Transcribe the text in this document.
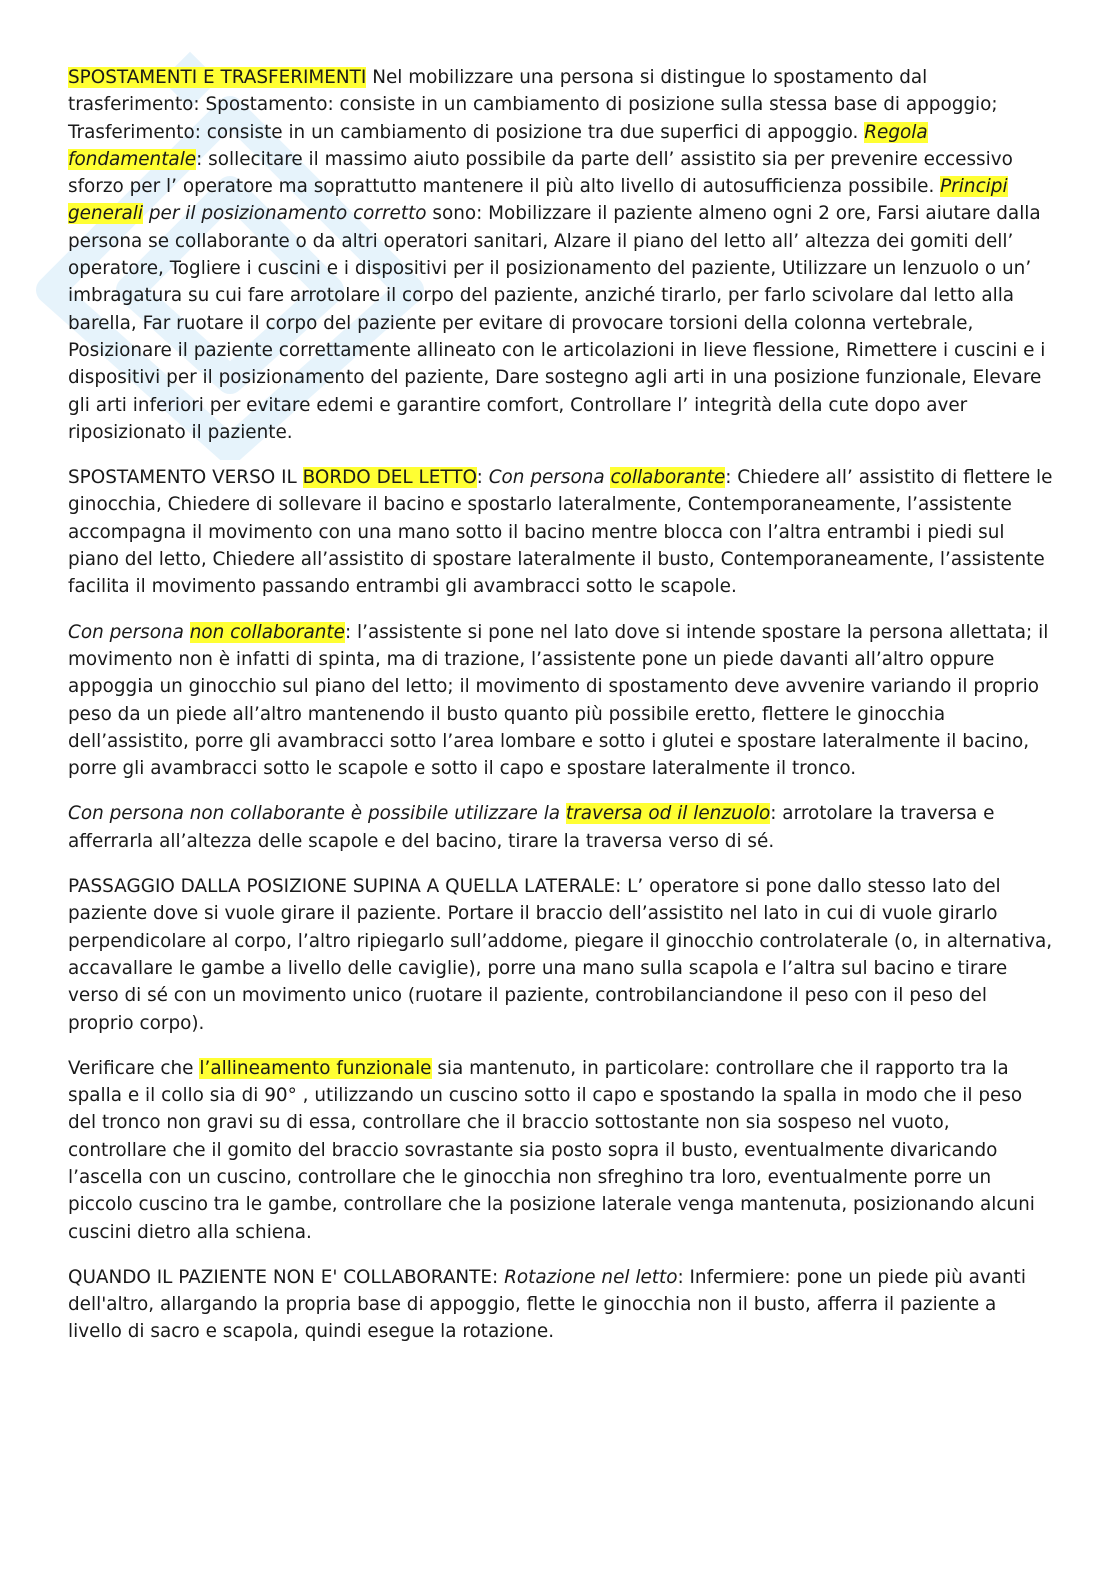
SPOSTAMENTI E TRASFERIMENTI Nel mobilizzare una persona si distingue lo spostamento dal trasferimento: Spostamento: consiste in un cambiamento di posizione sulla stessa base di appoggio; Trasferimento: consiste in un cambiamento di posizione tra due superfici di appoggio. Regola fondamentale: sollecitare il massimo aiuto possibile da parte dell’ assistito sia per prevenire eccessivo sforzo per l’ operatore ma soprattutto mantenere il più alto livello di autosufficienza possibile. Principi generali per il posizionamento corretto sono: Mobilizzare il paziente almeno ogni 2 ore, Farsi aiutare dalla persona se collaborante o da altri operatori sanitari, Alzare il piano del letto all’ altezza dei gomiti dell’ operatore, Togliere i cuscini e i dispositivi per il posizionamento del paziente, Utilizzare un lenzuolo o un’ imbragatura su cui fare arrotolare il corpo del paziente, anziché tirarlo, per farlo scivolare dal letto alla barella, Far ruotare il corpo del paziente per evitare di provocare torsioni della colonna vertebrale, Posizionare il paziente correttamente allineato con le articolazioni in lieve flessione, Rimettere i cuscini e i dispositivi per il posizionamento del paziente, Dare sostegno agli arti in una posizione funzionale, Elevare gli arti inferiori per evitare edemi e garantire comfort, Controllare l’ integrità della cute dopo aver riposizionato il paziente.

SPOSTAMENTO VERSO IL BORDO DEL LETTO: Con persona collaborante: Chiedere all’ assistito di flettere le ginocchia, Chiedere di sollevare il bacino e spostarlo lateralmente, Contemporaneamente, l’assistente accompagna il movimento con una mano sotto il bacino mentre blocca con l’altra entrambi i piedi sul piano del letto, Chiedere all’assistito di spostare lateralmente il busto, Contemporaneamente, l’assistente facilita il movimento passando entrambi gli avambracci sotto le scapole.

Con persona non collaborante: l’assistente si pone nel lato dove si intende spostare la persona allettata; il movimento non è infatti di spinta, ma di trazione, l’assistente pone un piede davanti all’altro oppure appoggia un ginocchio sul piano del letto; il movimento di spostamento deve avvenire variando il proprio peso da un piede all’altro mantenendo il busto quanto più possibile eretto, flettere le ginocchia dell’assistito, porre gli avambracci sotto l’area lombare e sotto i glutei e spostare lateralmente il bacino, porre gli avambracci sotto le scapole e sotto il capo e spostare lateralmente il tronco.

Con persona non collaborante è possibile utilizzare la traversa od il lenzuolo: arrotolare la traversa e afferrarla all’altezza delle scapole e del bacino, tirare la traversa verso di sé.

PASSAGGIO DALLA POSIZIONE SUPINA A QUELLA LATERALE: L’ operatore si pone dallo stesso lato del paziente dove si vuole girare il paziente. Portare il braccio dell’assistito nel lato in cui di vuole girarlo perpendicolare al corpo, l’altro ripiegarlo sull’addome, piegare il ginocchio controlaterale (o, in alternativa, accavallare le gambe a livello delle caviglie), porre una mano sulla scapola e l’altra sul bacino e tirare verso di sé con un movimento unico (ruotare il paziente, controbilanciandone il peso con il peso del proprio corpo).

Verificare che l’allineamento funzionale sia mantenuto, in particolare: controllare che il rapporto tra la spalla e il collo sia di 90° , utilizzando un cuscino sotto il capo e spostando la spalla in modo che il peso del tronco non gravi su di essa, controllare che il braccio sottostante non sia sospeso nel vuoto, controllare che il gomito del braccio sovrastante sia posto sopra il busto, eventualmente divaricando l’ascella con un cuscino, controllare che le ginocchia non sfreghino tra loro, eventualmente porre un piccolo cuscino tra le gambe, controllare che la posizione laterale venga mantenuta, posizionando alcuni cuscini dietro alla schiena.

QUANDO IL PAZIENTE NON E' COLLABORANTE: Rotazione nel letto: Infermiere: pone un piede più avanti dell'altro, allargando la propria base di appoggio, flette le ginocchia non il busto, afferra il paziente a livello di sacro e scapola, quindi esegue la rotazione.
